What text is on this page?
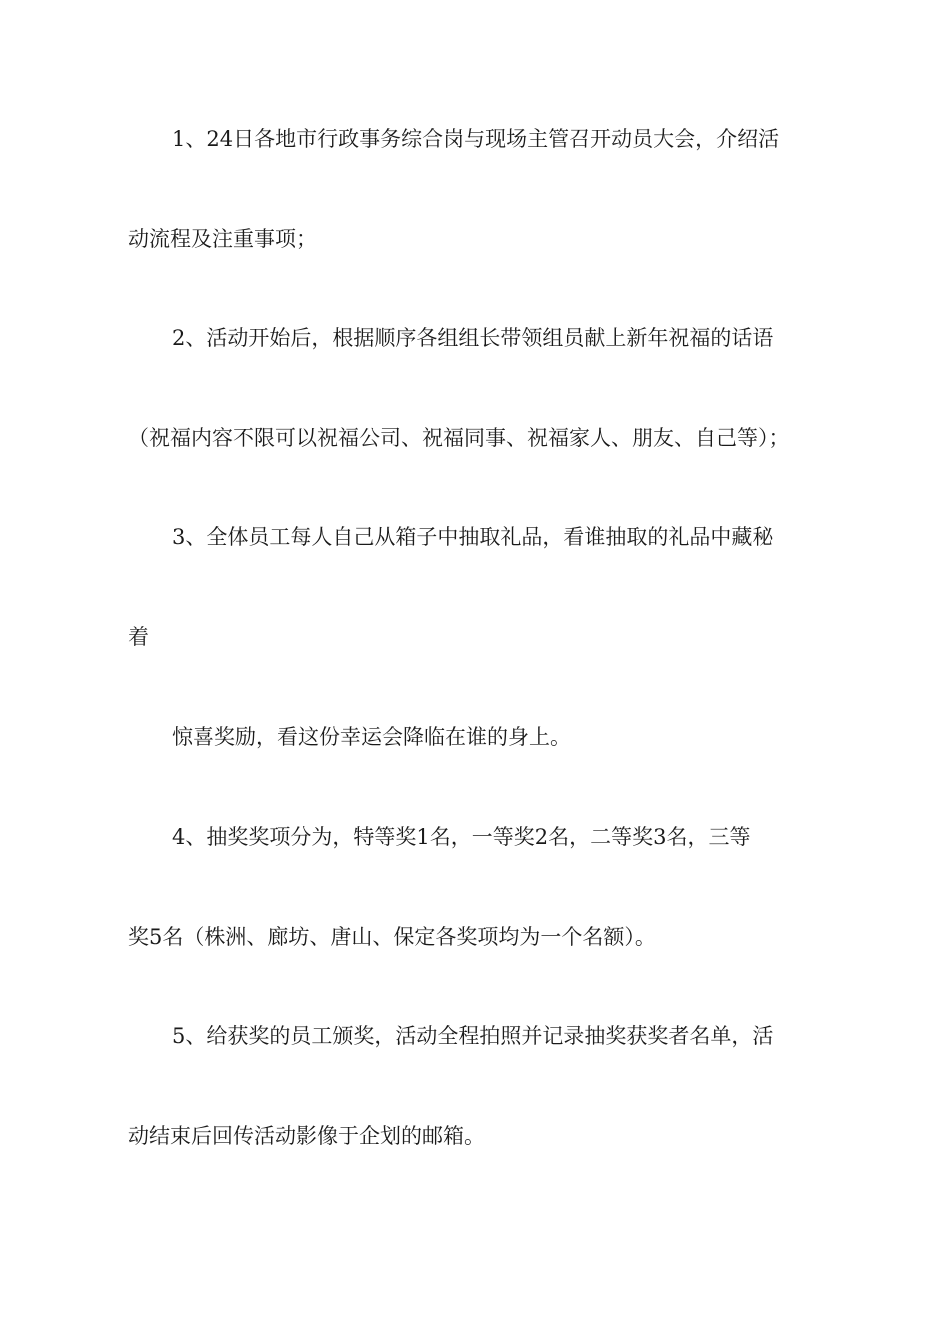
1、24日各地市行政事务综合岗与现场主管召开动员大会，介绍活
动流程及注重事项；
2、活动开始后，根据顺序各组组长带领组员献上新年祝福的话语
（祝福内容不限可以祝福公司、祝福同事、祝福家人、朋友、自己等）；
3、全体员工每人自己从箱子中抽取礼品，看谁抽取的礼品中藏秘
着
惊喜奖励，看这份幸运会降临在谁的身上。
4、抽奖奖项分为，特等奖1名，一等奖2名，二等奖3名，三等
奖5名（株洲、廊坊、唐山、保定各奖项均为一个名额）。
5、给获奖的员工颁奖，活动全程拍照并记录抽奖获奖者名单，活
动结束后回传活动影像于企划的邮箱。
